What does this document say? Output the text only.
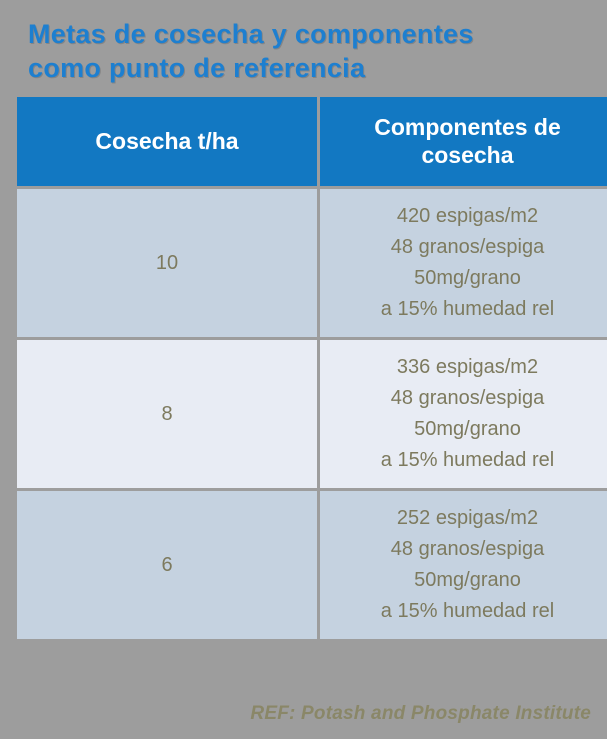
Metas de cosecha y componentes
como punto de referencia
Cosecha t/ha	Componentes de cosecha
10	420 espigas/m2
48 granos/espiga
50mg/grano
a 15% humedad rel

8	336 espigas/m2
48 granos/espiga
50mg/grano
a 15% humedad rel

6	252 espigas/m2
48 granos/espiga
50mg/grano
a 15% humedad rel
REF: Potash and Phosphate Institute
